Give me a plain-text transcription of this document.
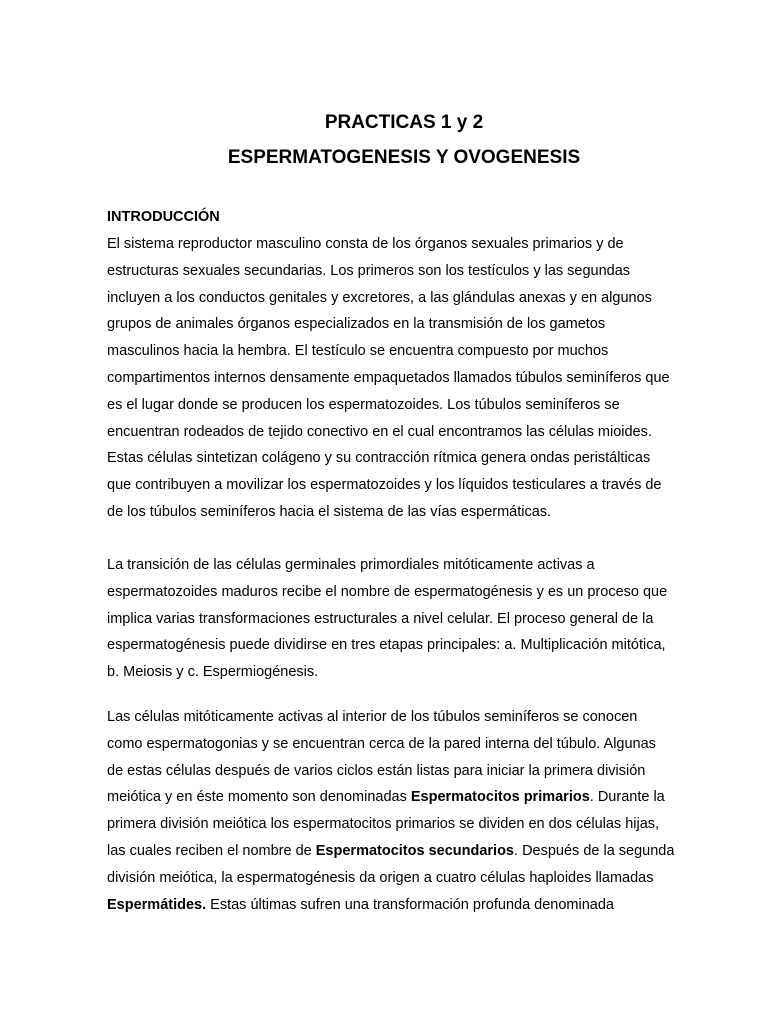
PRACTICAS 1 y 2
ESPERMATOGENESIS Y OVOGENESIS
INTRODUCCIÓN
El sistema reproductor masculino consta de los órganos sexuales primarios y de
estructuras sexuales secundarias. Los primeros son los testículos y las segundas
incluyen a los conductos genitales y excretores, a las glándulas anexas y en algunos
grupos de animales órganos especializados en la transmisión de los gametos
masculinos hacia la hembra. El testículo se encuentra compuesto por muchos
compartimentos internos densamente empaquetados llamados túbulos seminíferos que
es el lugar donde se producen los espermatozoides. Los túbulos seminíferos se
encuentran rodeados de tejido conectivo en el cual encontramos las células mioides.
Estas células sintetizan colágeno y su contracción rítmica genera ondas peristálticas
que contribuyen a movilizar los espermatozoides y los líquidos testiculares a través de
de los túbulos seminíferos hacia el sistema de las vías espermáticas.
La transición de las células germinales primordiales mitóticamente activas a
espermatozoides maduros recibe el nombre de espermatogénesis y es un proceso que
implica varias transformaciones estructurales a nivel celular. El proceso general de la
espermatogénesis puede dividirse en tres etapas principales: a. Multiplicación mitótica,
b. Meiosis y c. Espermiogénesis.
Las células mitóticamente activas al interior de los túbulos seminíferos se conocen
como espermatogonias y se encuentran cerca de la pared interna del túbulo. Algunas
de estas células después de varios ciclos están listas para iniciar la primera división
meiótica y en éste momento son denominadas Espermatocitos primarios. Durante la
primera división meiótica los espermatocitos primarios se dividen en dos células hijas,
las cuales reciben el nombre de Espermatocitos secundarios. Después de la segunda
división meiótica, la espermatogénesis da origen a cuatro células haploides llamadas
Espermátides. Estas últimas sufren una transformación profunda denominada
